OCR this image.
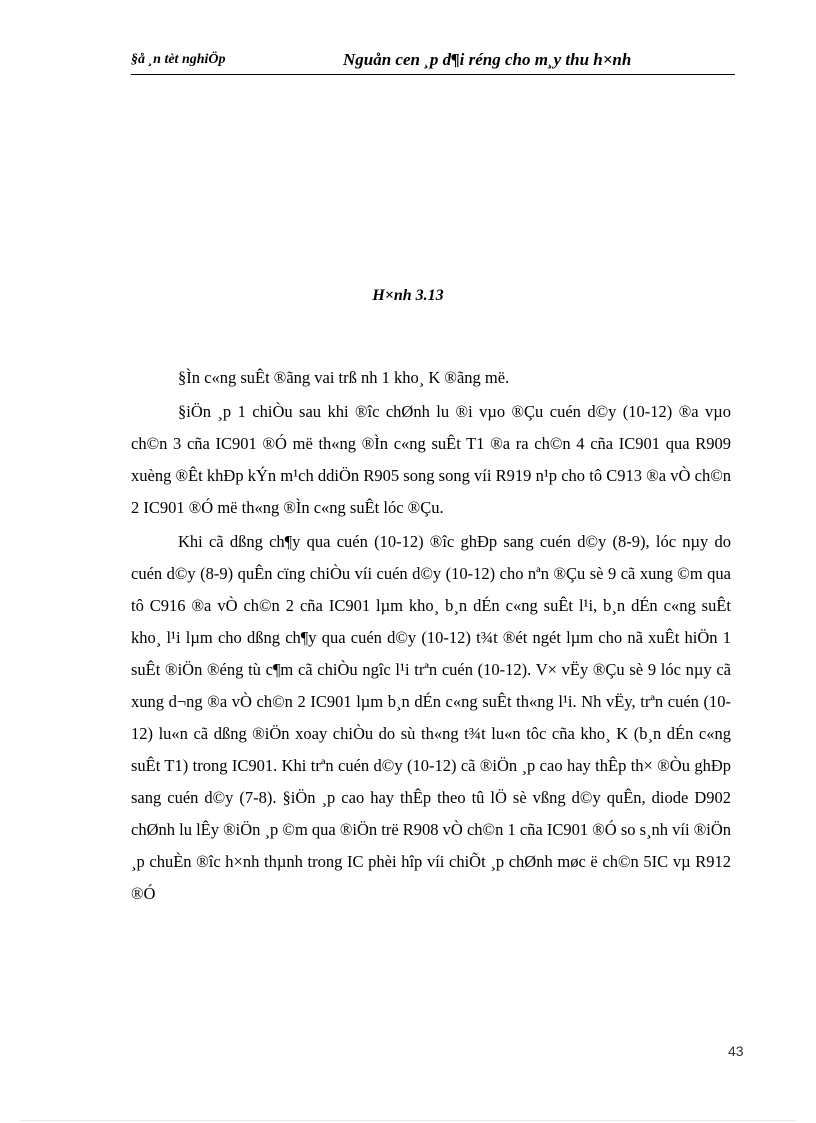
§å ¸n tèt nghiÖp	Nguån cen ¸p d¶i réng cho m¸y thu h×nh
H×nh 3.13

§Ìn c«ng suÊt ®ãng vai trß nh 1 kho¸ K ®ãng më.

§iÖn ¸p 1 chiÒu sau khi ®îc chØnh lu ®i vµo ®Çu cuén d©y (10-12) ®a vµo ch©n 3 cña IC901 ®Ó më th«ng ®Ìn c«ng suÊt T1 ®a ra ch©n 4 cña IC901 qua R909 xuèng ®Êt khÐp kÝn m¹ch ddiÖn R905 song song víi R919 n¹p cho tô C913 ®a vÒ ch©n 2 IC901 ®Ó më th«ng ®Ìn c«ng suÊt lóc ®Çu.

Khi cã dßng ch¶y qua cuén (10-12) ®îc ghÐp sang cuén d©y (8-9), lóc nµy do cuén d©y (8-9) quÊn cïng chiÒu víi cuén d©y (10-12) cho nªn ®Çu sè 9 cã xung ©m qua tô C916 ®a vÒ ch©n 2 cña IC901 lµm kho¸ b¸n dÉn c«ng suÊt l¹i, b¸n dÉn c«ng suÊt kho¸ l¹i lµm cho dßng ch¶y qua cuén d©y (10-12) t¾t ®ét ngét lµm cho nã xuÊt hiÖn 1 suÊt ®iÖn ®éng tù c¶m cã chiÒu ngîc l¹i trªn cuén (10-12). V× vËy ®Çu sè 9 lóc nµy cã xung d¬ng ®a vÒ ch©n 2 IC901 lµm b¸n dÉn c«ng suÊt th«ng l¹i. Nh vËy, trªn cuén (10-12) lu«n cã dßng ®iÖn xoay chiÒu do sù th«ng t¾t lu«n tôc cña kho¸ K (b¸n dÉn c«ng suÊt T1) trong IC901. Khi trªn cuén d©y (10-12) cã ®iÖn ¸p cao hay thÊp th× ®Òu ghÐp sang cuén d©y (7-8). §iÖn ¸p cao hay thÊp theo tû lÖ sè vßng d©y quÊn, diode D902 chØnh lu lÊy ®iÖn ¸p ©m qua ®iÖn trë R908 vÒ ch©n 1 cña IC901 ®Ó so s¸nh víi ®iÖn ¸p chuÈn ®îc h×nh thµnh trong IC phèi hîp víi chiÕt ¸p chØnh møc ë ch©n 5IC vµ R912 ®Ó

43
